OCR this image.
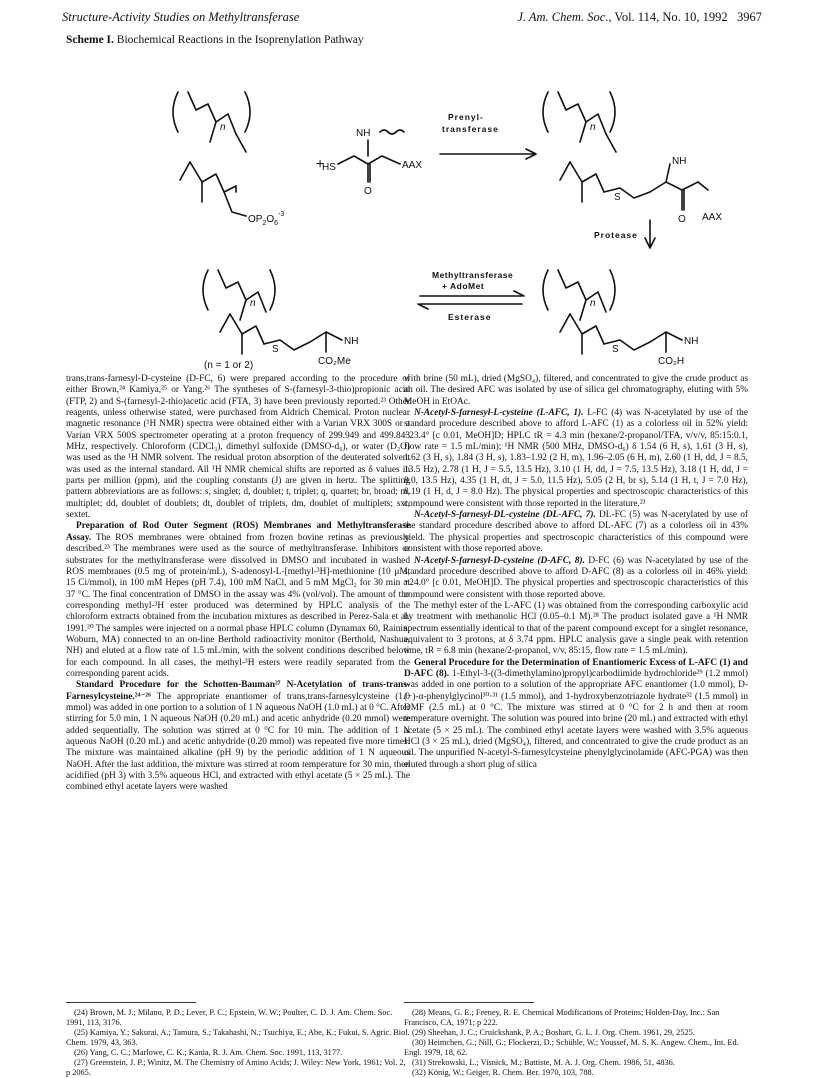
Structure-Activity Studies on Methyltransferase	J. Am. Chem. Soc., Vol. 114, No. 10, 1992 3967
Scheme I. Biochemical Reactions in the Isoprenylation Pathway
n
$OP_2O_6^{-3}$
+
HS
NH
AAX
O
Prenyl-
transferase	n
S
NH
O AAX
Protease
n
S
NH
CO₂H
Methyltransferase
+ AdoMet
Esterase
n
S
NH
CO₂Me
(n = 1 or 2)

trans,trans-farnesyl-D-cysteine (D-FC, 6) were prepared according to the procedure of either Brown,²⁴ Kamiya,²⁵ or Yang.²⁶ The syntheses of S-(farnesyl-3-thio)propionic acid (FTP, 2) and S-(farnesyl-2-thio)acetic acid (FTA, 3) have been previously reported.²³ Other reagents, unless otherwise stated, were purchased from Aldrich Chemical. Proton nuclear magnetic resonance (¹H NMR) spectra were obtained either with a Varian VRX 300S or a Varian VRX 500S spectrometer operating at a proton frequency of 299.949 and 499.843 MHz, respectively. Chloroform (CDCl₃), dimethyl sulfoxide (DMSO-d₆), or water (D₂O) was used as the ¹H NMR solvent. The residual proton absorption of the deuterated solvent was used as the internal standard. All ¹H NMR chemical shifts are reported as δ values in parts per million (ppm), and the coupling constants (J) are given in hertz. The splitting pattern abbreviations are as follows: s, singlet; d, doublet; t, triplet; q, quartet; br, broad; m, multiplet; dd, doublet of doublets; dt, doublet of triplets, dm, doublet of multiplets; sxt, sextet.

Preparation of Rod Outer Segment (ROS) Membranes and Methyltransferase Assay. The ROS membranes were obtained from frozen bovine retinas as previously described.²³ The membranes were used as the source of methyltransferase. Inhibitors or substrates for the methyltransferase were dissolved in DMSO and incubated in washed ROS membranes (0.5 mg of protein/mL), S-adenosyl-L-[methyl-³H]-methionine (10 μM, 15 Ci/mmol), in 100 mM Hepes (pH 7.4), 100 mM NaCl, and 5 mM MgCl₂ for 30 min at 37 °C. The final concentration of DMSO in the assay was 4% (vol/vol). The amount of the corresponding methyl-³H ester produced was determined by HPLC analysis of the chloroform extracts obtained from the incubation mixtures as described in Perez-Sala et al. 1991.²⁰ The samples were injected on a normal phase HPLC column (Dynamax 60, Rainin, Woburn, MA) connected to an on-line Berthold radioactivity monitor (Berthold, Nashua, NH) and eluted at a flow rate of 1.5 mL/min, with the solvent conditions described below for each compound. In all cases, the methyl-³H esters were readily separated from the corresponding parent acids.

Standard Procedure for the Schotten-Bauman²⁷ N-Acetylation of trans-trans-Farnesylcysteine.²⁴⁻²⁶ The appropriate enantiomer of trans,trans-farnesylcysteine (1.0 mmol) was added in one portion to a solution of 1 N aqueous NaOH (1.0 mL) at 0 °C. After stirring for 5.0 min, 1 N aqueous NaOH (0.20 mL) and acetic anhydride (0.20 mmol) were added sequentially. The solution was stirred at 0 °C for 10 min. The addition of 1 N aqueous NaOH (0.20 mL) and acetic anhydride (0.20 mmol) was repeated five more times. The mixture was maintained alkaline (pH 9) by the periodic addition of 1 N aqueous NaOH. After the last addition, the mixture was stirred at room temperature for 30 min, then acidified (pH 3) with 3.5% aqueous HCl, and extracted with ethyl acetate (5 × 25 mL). The combined ethyl acetate layers were washed

with brine (50 mL), dried (MgSO₄), filtered, and concentrated to give the crude product as an oil. The desired AFC was isolated by use of silica gel chromatography, eluting with 5% MeOH in EtOAc.

N-Acetyl-S-farnesyl-L-cysteine (L-AFC, 1). L-FC (4) was N-acetylated by use of the standard procedure described above to afford L-AFC (1) as a colorless oil in 52% yield: −23.4° [c 0.01, MeOH]D; HPLC tR = 4.3 min (hexane/2-propanol/TFA, v/v/v, 85:15:0.1, flow rate = 1.5 mL/min); ¹H NMR (500 MHz, DMSO-d₆) δ 1.54 (6 H, s), 1.61 (3 H, s), 1.62 (3 H, s), 1.84 (3 H, s), 1.83–1.92 (2 H, m), 1.96–2.05 (6 H, m), 2.60 (1 H, dd, J = 8.5, 13.5 Hz), 2.78 (1 H, J = 5.5, 13.5 Hz), 3.10 (1 H, dd, J = 7.5, 13.5 Hz), 3.18 (1 H, dd, J = 8.0, 13.5 Hz), 4.35 (1 H, dt, J = 5.0, 11.5 Hz), 5.05 (2 H, br s), 5.14 (1 H, t, J = 7.0 Hz), 8.19 (1 H, d, J = 8.0 Hz). The physical properties and spectroscopic characteristics of this compound were consistent with those reported in the literature.²³

N-Acetyl-S-farnesyl-DL-cysteine (DL-AFC, 7). DL-FC (5) was N-acetylated by use of the standard procedure described above to afford DL-AFC (7) as a colorless oil in 43% yield. The physical properties and spectroscopic characteristics of this compound were consistent with those reported above.

N-Acetyl-S-farnesyl-D-cysteine (D-AFC, 8). D-FC (6) was N-acetylated by use of the standard procedure described above to afford D-AFC (8) as a colorless oil in 46% yield: +24.0° [c 0.01, MeOH]D. The physical properties and spectroscopic characteristics of this compound were consistent with those reported above.

The methyl ester of the L-AFC (1) was obtained from the corresponding carboxylic acid by treatment with methanolic HCl (0.05–0.1 M).²⁸ The product isolated gave a ¹H NMR spectrum essentially identical to that of the parent compound except for a singlet resonance, equivalent to 3 protons, at δ 3.74 ppm. HPLC analysis gave a single peak with retention time, tR = 6.8 min (hexane/2-propanol, v/v, 85:15, flow rate = 1.5 mL/min).

General Procedure for the Determination of Enantiomeric Excess of L-AFC (1) and D-AFC (8). 1-Ethyl-3-((3-dimethylamino)propyl)carbodiimide hydrochloride²⁹ (1.2 mmol) was added in one portion to a solution of the appropriate AFC enantiomer (1.0 mmol), D-(−)-α-phenylglycinol³⁰·³¹ (1.5 mmol), and 1-hydroxybenzotriazole hydrate³² (1.5 mmol) in DMF (2.5 mL) at 0 °C. The mixture was stirred at 0 °C for 2 h and then at room temperature overnight. The solution was poured into brine (20 mL) and extracted with ethyl acetate (5 × 25 mL). The combined ethyl acetate layers were washed with 3.5% aqueous HCl (3 × 25 mL), dried (MgSO₄), filtered, and concentrated to give the crude product as an oil. The unpurified N-acetyl-S-farnesylcysteine phenylglycinolamide (AFC-PGA) was then eluted through a short plug of silica

(24) Brown, M. J.; Milano, P. D.; Lever, P. C.; Epstein, W. W.; Poulter, C. D. J. Am. Chem. Soc. 1991, 113, 3176.

(25) Kamiya, Y.; Sakurai, A.; Tamura, S.; Takahashi, N.; Tsuchiya, E.; Abe, K.; Fukui, S. Agric. Biol. Chem. 1979, 43, 363.

(26) Yang, C. C.; Marlowe, C. K.; Kania, R. J. Am. Chem. Soc. 1991, 113, 3177.

(27) Greenstein, J. P.; Winitz, M. The Chemistry of Amino Acids; J. Wiley: New York, 1961; Vol. 2, p 2065.

(28) Means, G. E.; Feeney, R. E. Chemical Modifications of Proteins; Holden-Day, Inc.: San Francisco, CA, 1971; p 222.

(29) Sheehan, J. C.; Cruickshank, P. A.; Boshart, G. L. J. Org. Chem. 1961, 29, 2525.

(30) Heimchen, G.; Nill, G.; Flockerzi, D.; Schühle, W.; Youssef, M. S. K. Angew. Chem., Int. Ed. Engl. 1979, 18, 62.

(31) Strekowski, L.; Visnick, M.; Battiste, M. A. J. Org. Chem. 1986, 51, 4836.

(32) König, W.; Geiger, R. Chem. Ber. 1970, 103, 788.
